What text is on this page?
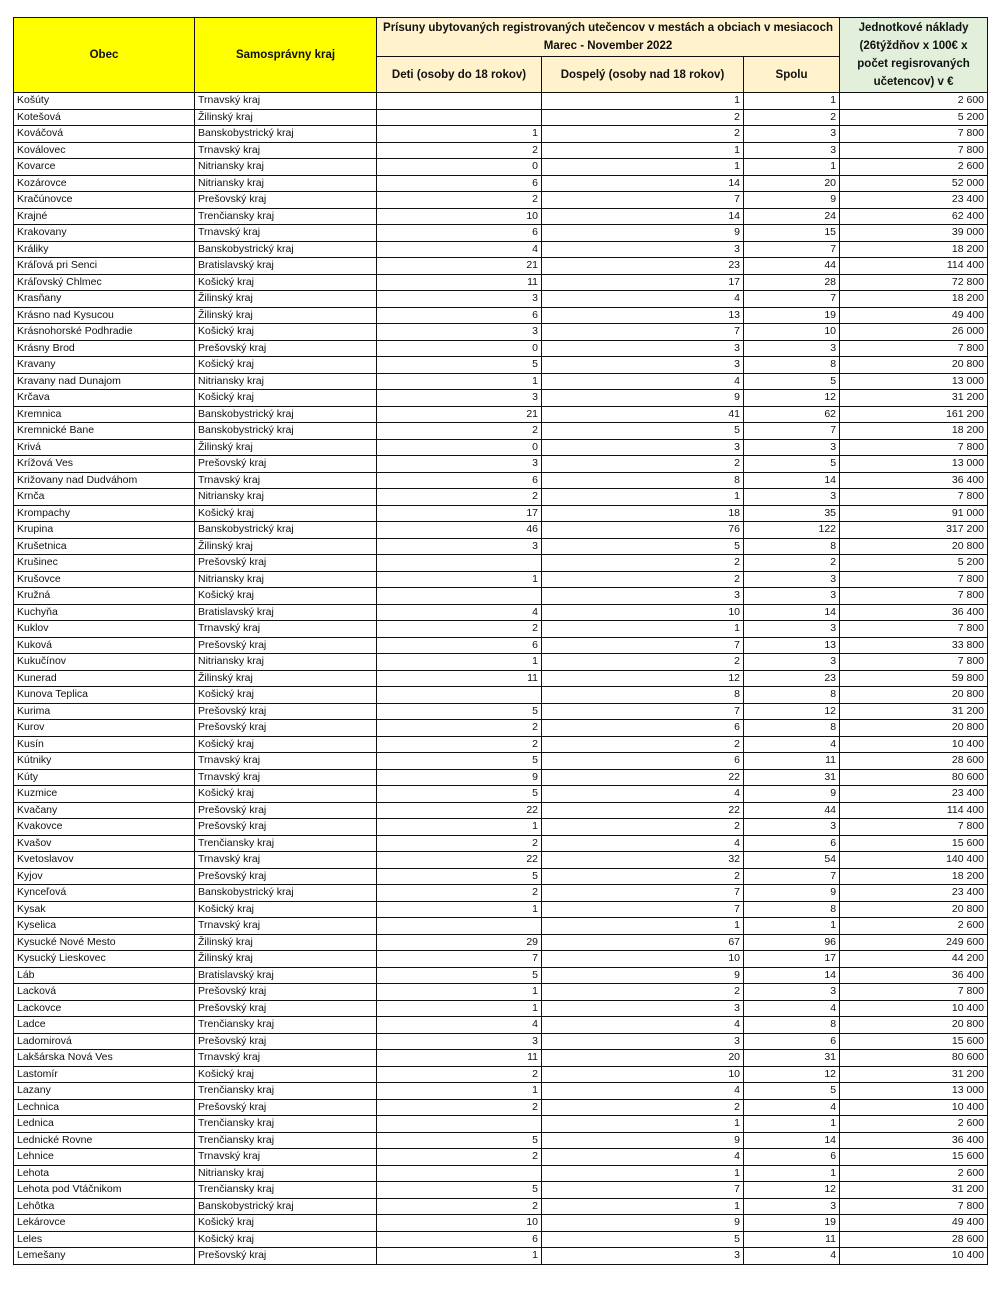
Obec	Samosprávny kraj	Prísuny ubytovaných registrovaných utečencov v mestách a obciach v mesiacoch Marec - November 2022			Jednotkové náklady (26týždňov x 100€ x počet regisrovaných učetencov) v €
		Deti (osoby do 18 rokov)	Dospelý (osoby nad 18 rokov)	Spolu	
Košúty	Trnavský kraj		1	1	2 600
Kotešová	Žilinský kraj		2	2	5 200
Kováčová	Banskobystrický kraj	1	2	3	7 800
Koválovec	Trnavský kraj	2	1	3	7 800
Kovarce	Nitriansky kraj	0	1	1	2 600
Kozárovce	Nitriansky kraj	6	14	20	52 000
Kračúnovce	Prešovský kraj	2	7	9	23 400
Krajné	Trenčiansky kraj	10	14	24	62 400
Krakovany	Trnavský kraj	6	9	15	39 000
Králiky	Banskobystrický kraj	4	3	7	18 200
Kráľová pri Senci	Bratislavský kraj	21	23	44	114 400
Kráľovský Chlmec	Košický kraj	11	17	28	72 800
Krasňany	Žilinský kraj	3	4	7	18 200
Krásno nad Kysucou	Žilinský kraj	6	13	19	49 400
Krásnohorské Podhradie	Košický kraj	3	7	10	26 000
Krásny Brod	Prešovský kraj	0	3	3	7 800
Kravany	Košický kraj	5	3	8	20 800
Kravany nad Dunajom	Nitriansky kraj	1	4	5	13 000
Krčava	Košický kraj	3	9	12	31 200
Kremnica	Banskobystrický kraj	21	41	62	161 200
Kremnické Bane	Banskobystrický kraj	2	5	7	18 200
Krivá	Žilinský kraj	0	3	3	7 800
Krížová Ves	Prešovský kraj	3	2	5	13 000
Križovany nad Dudváhom	Trnavský kraj	6	8	14	36 400
Krnča	Nitriansky kraj	2	1	3	7 800
Krompachy	Košický kraj	17	18	35	91 000
Krupina	Banskobystrický kraj	46	76	122	317 200
Krušetnica	Žilinský kraj	3	5	8	20 800
Krušinec	Prešovský kraj		2	2	5 200
Krušovce	Nitriansky kraj	1	2	3	7 800
Kružná	Košický kraj		3	3	7 800
Kuchyňa	Bratislavský kraj	4	10	14	36 400
Kuklov	Trnavský kraj	2	1	3	7 800
Kuková	Prešovský kraj	6	7	13	33 800
Kukučínov	Nitriansky kraj	1	2	3	7 800
Kunerad	Žilinský kraj	11	12	23	59 800
Kunova Teplica	Košický kraj		8	8	20 800
Kurima	Prešovský kraj	5	7	12	31 200
Kurov	Prešovský kraj	2	6	8	20 800
Kusín	Košický kraj	2	2	4	10 400
Kútniky	Trnavský kraj	5	6	11	28 600
Kúty	Trnavský kraj	9	22	31	80 600
Kuzmice	Košický kraj	5	4	9	23 400
Kvačany	Prešovský kraj	22	22	44	114 400
Kvakovce	Prešovský kraj	1	2	3	7 800
Kvašov	Trenčiansky kraj	2	4	6	15 600
Kvetoslavov	Trnavský kraj	22	32	54	140 400
Kyjov	Prešovský kraj	5	2	7	18 200
Kynceľová	Banskobystrický kraj	2	7	9	23 400
Kysak	Košický kraj	1	7	8	20 800
Kyselica	Trnavský kraj		1	1	2 600
Kysucké Nové Mesto	Žilinský kraj	29	67	96	249 600
Kysucký Lieskovec	Žilinský kraj	7	10	17	44 200
Láb	Bratislavský kraj	5	9	14	36 400
Lacková	Prešovský kraj	1	2	3	7 800
Lackovce	Prešovský kraj	1	3	4	10 400
Ladce	Trenčiansky kraj	4	4	8	20 800
Ladomirová	Prešovský kraj	3	3	6	15 600
Lakšárska Nová Ves	Trnavský kraj	11	20	31	80 600
Lastomír	Košický kraj	2	10	12	31 200
Lazany	Trenčiansky kraj	1	4	5	13 000
Lechnica	Prešovský kraj	2	2	4	10 400
Lednica	Trenčiansky kraj		1	1	2 600
Lednické Rovne	Trenčiansky kraj	5	9	14	36 400
Lehnice	Trnavský kraj	2	4	6	15 600
Lehota	Nitriansky kraj		1	1	2 600
Lehota pod Vtáčnikom	Trenčiansky kraj	5	7	12	31 200
Lehôtka	Banskobystrický kraj	2	1	3	7 800
Lekárovce	Košický kraj	10	9	19	49 400
Leles	Košický kraj	6	5	11	28 600
Lemešany	Prešovský kraj	1	3	4	10 400
